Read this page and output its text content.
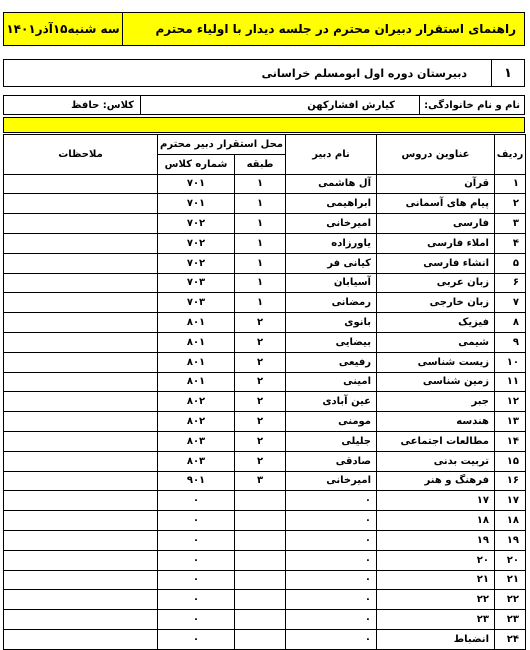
سه شنبه۱۵آذر۱۴۰۱	راهنمای استقرار دبیران محترم در جلسه دیدار با اولیاء محترم
دبیرستان دوره اول ابومسلم خراسانی	۱
کلاس: حافظ	کیارش افشارکهن	نام و نام خانوادگی:
ملاحظات	محل استقرار دبیر محترم		نام دبیر	عناوین دروس	ردیف
	شماره کلاس	طبقه			
	۷۰۱	۱	آل هاشمی	قرآن	۱
	۷۰۱	۱	ابراهیمی	پیام های آسمانی	۲
	۷۰۲	۱	امیرخانی	فارسی	۳
	۷۰۲	۱	یاورزاده	املاء فارسی	۴
	۷۰۲	۱	کیانی فر	انشاء فارسی	۵
	۷۰۳	۱	آسیابان	زبان عربی	۶
	۷۰۳	۱	رمضانی	زبان خارجی	۷
	۸۰۱	۲	بانوی	فیزیک	۸
	۸۰۱	۲	بیضایی	شیمی	۹
	۸۰۱	۲	رفیعی	زیست شناسی	۱۰
	۸۰۱	۲	امینی	زمین شناسی	۱۱
	۸۰۲	۲	عین آبادی	جبر	۱۲
	۸۰۲	۲	مومنی	هندسه	۱۳
	۸۰۳	۲	جلیلی	مطالعات اجتماعی	۱۴
	۸۰۳	۲	صادقی	تربیت بدنی	۱۵
	۹۰۱	۳	امیرخانی	فرهنگ و هنر	۱۶
	۰		۰	۱۷	۱۷
	۰		۰	۱۸	۱۸
	۰		۰	۱۹	۱۹
	۰		۰	۲۰	۲۰
	۰		۰	۲۱	۲۱
	۰		۰	۲۲	۲۲
	۰		۰	۲۳	۲۳
	۰		۰	انضباط	۲۴
